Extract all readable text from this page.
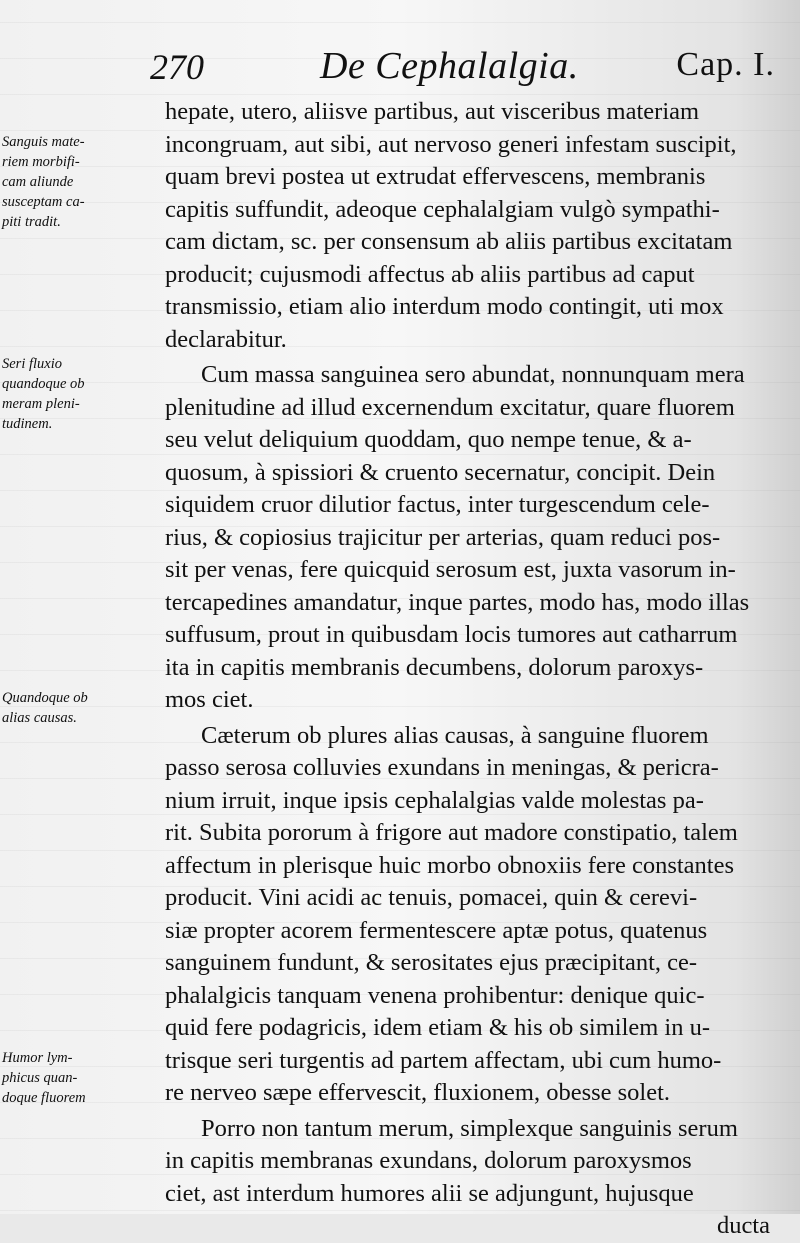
270	De Cephalalgia.	Cap. I.
Sanguis mate-
riem morbifi-
cam aliunde
susceptam ca-
piti tradit.
Seri fluxio
quandoque ob
meram pleni-
tudinem.
Quandoque ob
alias causas.
Humor lym-
phicus quan-
doque fluorem
hepate, utero, aliisve partibus, aut visceribus materiam
incongruam, aut sibi, aut nervoso generi infestam suscipit,
quam brevi postea ut extrudat effervescens, membranis
capitis suffundit, adeoque cephalalgiam vulgò sympathi-
cam dictam, sc. per consensum ab aliis partibus excitatam
producit; cujusmodi affectus ab aliis partibus ad caput
transmissio, etiam alio interdum modo contingit, uti mox
declarabitur.
Cum massa sanguinea sero abundat, nonnunquam mera
plenitudine ad illud excernendum excitatur, quare fluorem
seu velut deliquium quoddam, quo nempe tenue, & a-
quosum, à spissiori & cruento secernatur, concipit. Dein
siquidem cruor dilutior factus, inter turgescendum cele-
rius, & copiosius trajicitur per arterias, quam reduci pos-
sit per venas, fere quicquid serosum est, juxta vasorum in-
tercapedines amandatur, inque partes, modo has, modo illas
suffusum, prout in quibusdam locis tumores aut catharrum
ita in capitis membranis decumbens, dolorum paroxys-
mos ciet.
Cæterum ob plures alias causas, à sanguine fluorem
passo serosa colluvies exundans in meningas, & pericra-
nium irruit, inque ipsis cephalalgias valde molestas pa-
rit. Subita pororum à frigore aut madore constipatio, talem
affectum in plerisque huic morbo obnoxiis fere constantes
producit. Vini acidi ac tenuis, pomacei, quin & cerevi-
siæ propter acorem fermentescere aptæ potus, quatenus
sanguinem fundunt, & serositates ejus præcipitant, ce-
phalalgicis tanquam venena prohibentur: denique quic-
quid fere podagricis, idem etiam & his ob similem in u-
trisque seri turgentis ad partem affectam, ubi cum humo-
re nerveo sæpe effervescit, fluxionem, obesse solet.
Porro non tantum merum, simplexque sanguinis serum
in capitis membranas exundans, dolorum paroxysmos
ciet, ast interdum humores alii se adjungunt, hujusque
ducta
